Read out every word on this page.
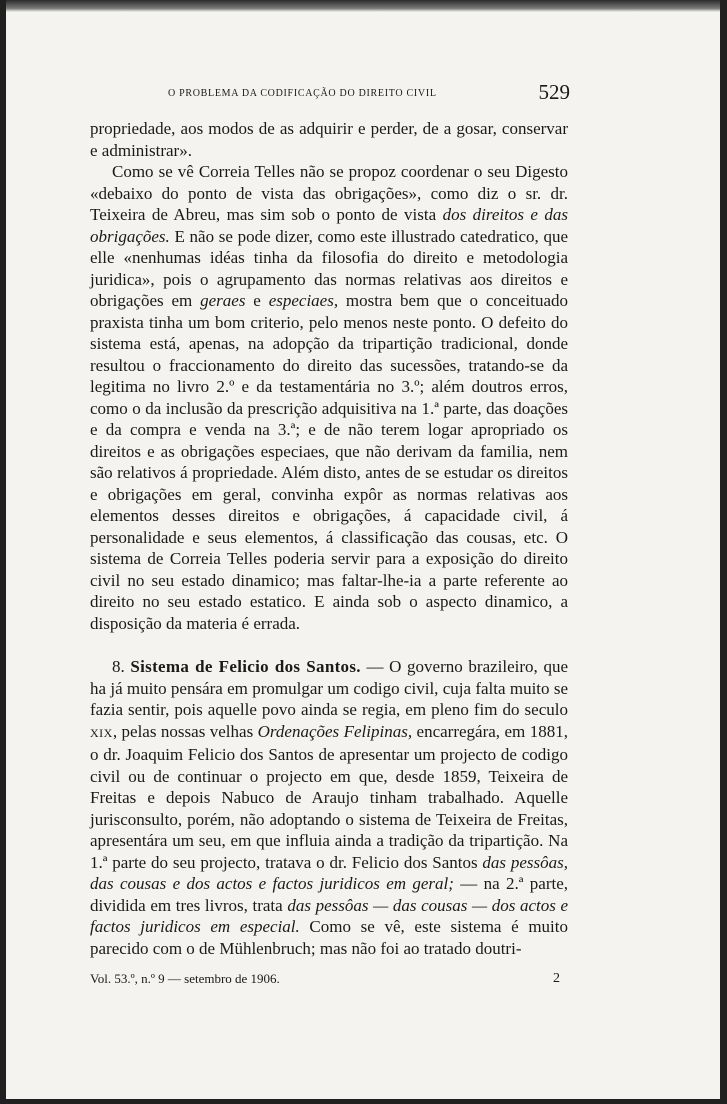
O PROBLEMA DA CODIFICAÇÃO DO DIREITO CIVIL	529

propriedade, aos modos de as adquirir e perder, de a gosar, conservar e administrar».

Como se vê Correia Telles não se propoz coordenar o seu Digesto «debaixo do ponto de vista das obrigações», como diz o sr. dr. Teixeira de Abreu, mas sim sob o ponto de vista dos direitos e das obrigações. E não se pode dizer, como este illustrado catedratico, que elle «nenhumas idéas tinha da filosofia do direito e metodologia juridica», pois o agrupamento das normas relativas aos direitos e obrigações em geraes e especiaes, mostra bem que o conceituado praxista tinha um bom criterio, pelo menos neste ponto. O defeito do sistema está, apenas, na adopção da tripartição tradicional, donde resultou o fraccionamento do direito das sucessões, tratando-se da legitima no livro 2.º e da testamentária no 3.º; além doutros erros, como o da inclusão da prescrição adquisitiva na 1.ª parte, das doações e da compra e venda na 3.ª; e de não terem logar apropriado os direitos e as obrigações especiaes, que não derivam da familia, nem são relativos á propriedade. Além disto, antes de se estudar os direitos e obrigações em geral, convinha expôr as normas relativas aos elementos desses direitos e obrigações, á capacidade civil, á personalidade e seus elementos, á classificação das cousas, etc. O sistema de Correia Telles poderia servir para a exposição do direito civil no seu estado dinamico; mas faltar-lhe-ia a parte referente ao direito no seu estado estatico. E ainda sob o aspecto dinamico, a disposição da materia é errada.

8. Sistema de Felicio dos Santos. — O governo brazileiro, que ha já muito pensára em promulgar um codigo civil, cuja falta muito se fazia sentir, pois aquelle povo ainda se regia, em pleno fim do seculo XIX, pelas nossas velhas Ordenações Felipinas, encarregára, em 1881, o dr. Joaquim Felicio dos Santos de apresentar um projecto de codigo civil ou de continuar o projecto em que, desde 1859, Teixeira de Freitas e depois Nabuco de Araujo tinham trabalhado. Aquelle jurisconsulto, porém, não adoptando o sistema de Teixeira de Freitas, apresentára um seu, em que influia ainda a tradição da tripartição. Na 1.ª parte do seu projecto, tratava o dr. Felicio dos Santos das pessôas, das cousas e dos actos e factos juridicos em geral; — na 2.ª parte, dividida em tres livros, trata das pessôas — das cousas — dos actos e factos juridicos em especial. Como se vê, este sistema é muito parecido com o de Mühlenbruch; mas não foi ao tratado doutri-

Vol. 53.º, n.º 9 — setembro de 1906.	2
